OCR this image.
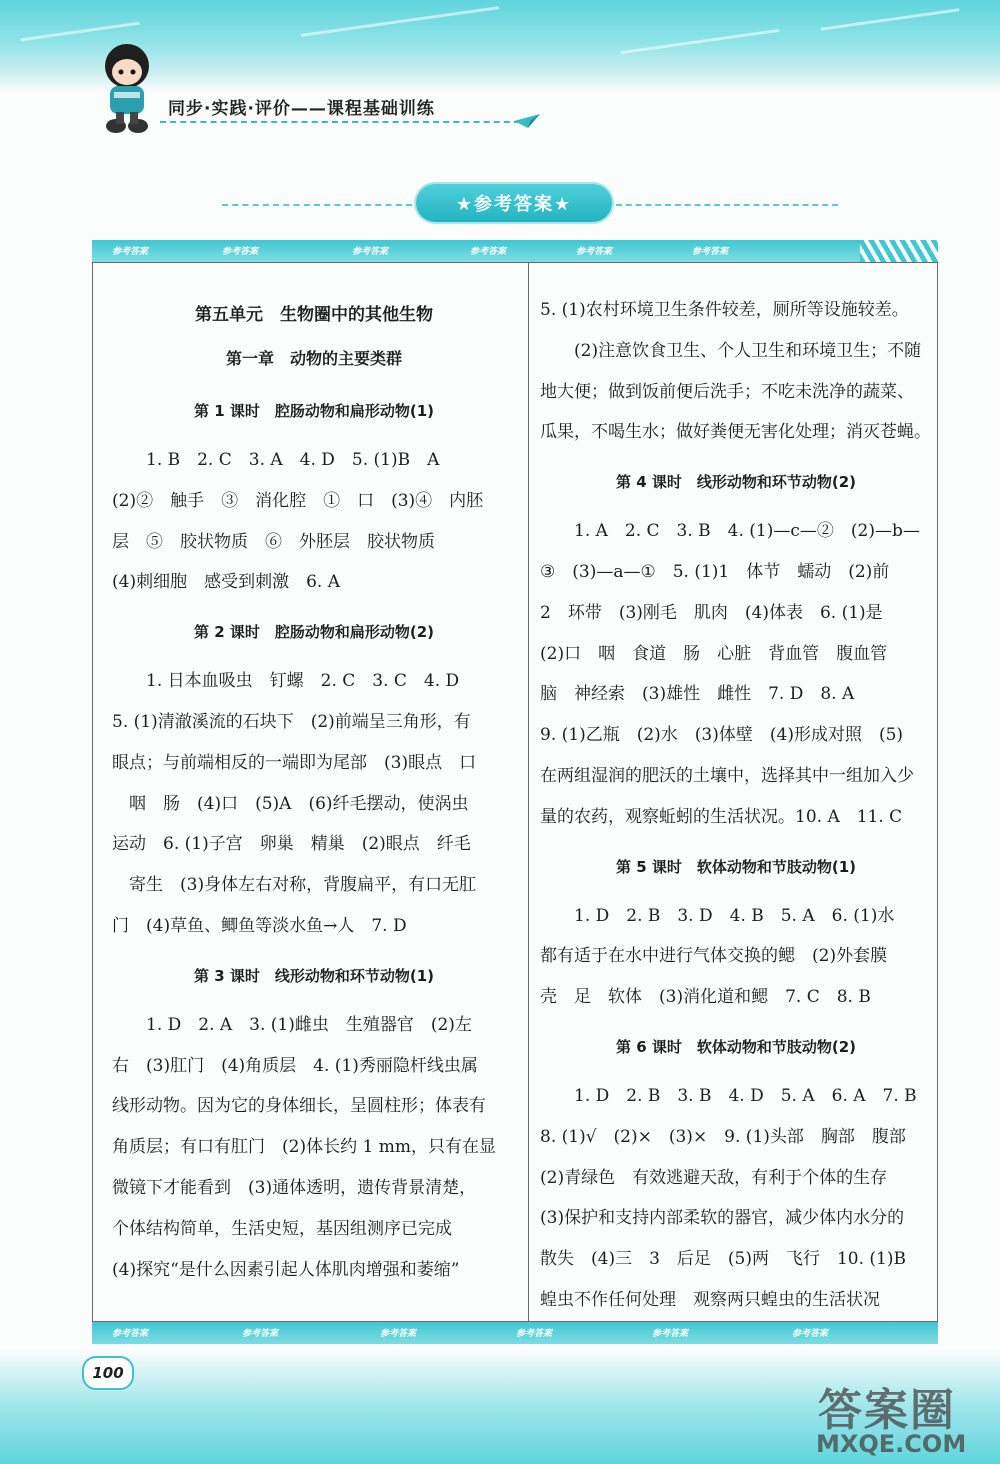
同步·实践·评价——课程基础训练
★参考答案★
参考答案	参考答案	参考答案	参考答案	参考答案	参考答案

第五单元　生物圈中的其他生物

第一章　动物的主要类群

第 1 课时　腔肠动物和扁形动物(1)

1. B　2. C　3. A　4. D　5. (1)B　A

(2)②　触手　③　消化腔　①　口　(3)④　内胚

层　⑤　胶状物质　⑥　外胚层　胶状物质

(4)刺细胞　感受到刺激　6. A

第 2 课时　腔肠动物和扁形动物(2)

1. 日本血吸虫　钉螺　2. C　3. C　4. D

5. (1)清澈溪流的石块下　(2)前端呈三角形，有

眼点；与前端相反的一端即为尾部　(3)眼点　口

　咽　肠　(4)口　(5)A　(6)纤毛摆动，使涡虫

运动　6. (1)子宫　卵巢　精巢　(2)眼点　纤毛

　寄生　(3)身体左右对称，背腹扁平，有口无肛

门　(4)草鱼、鲫鱼等淡水鱼→人　7. D

第 3 课时　线形动物和环节动物(1)

1. D　2. A　3. (1)雌虫　生殖器官　(2)左

右　(3)肛门　(4)角质层　4. (1)秀丽隐杆线虫属

线形动物。因为它的身体细长，呈圆柱形；体表有

角质层；有口有肛门　(2)体长约 1 mm，只有在显

微镜下才能看到　(3)通体透明，遗传背景清楚，

个体结构简单，生活史短，基因组测序已完成

(4)探究“是什么因素引起人体肌肉增强和萎缩”

5. (1)农村环境卫生条件较差，厕所等设施较差。

(2)注意饮食卫生、个人卫生和环境卫生；不随

地大便；做到饭前便后洗手；不吃未洗净的蔬菜、

瓜果，不喝生水；做好粪便无害化处理；消灭苍蝇。

第 4 课时　线形动物和环节动物(2)

1. A　2. C　3. B　4. (1)—c—②　(2)—b—

③　(3)—a—①　5. (1)1　体节　蠕动　(2)前

2　环带　(3)刚毛　肌肉　(4)体表　6. (1)是

(2)口　咽　食道　肠　心脏　背血管　腹血管

脑　神经索　(3)雄性　雌性　7. D　8. A

9. (1)乙瓶　(2)水　(3)体壁　(4)形成对照　(5)

在两组湿润的肥沃的土壤中，选择其中一组加入少

量的农药，观察蚯蚓的生活状况。10. A　11. C

第 5 课时　软体动物和节肢动物(1)

1. D　2. B　3. D　4. B　5. A　6. (1)水

都有适于在水中进行气体交换的鳃　(2)外套膜

壳　足　软体　(3)消化道和鳃　7. C　8. B

第 6 课时　软体动物和节肢动物(2)

1. D　2. B　3. B　4. D　5. A　6. A　7. B

8. (1)√　(2)×　(3)×　9. (1)头部　胸部　腹部

(2)青绿色　有效逃避天敌，有利于个体的生存

(3)保护和支持内部柔软的器官，减少体内水分的

散失　(4)三　3　后足　(5)两　飞行　10. (1)B

蝗虫不作任何处理　观察两只蝗虫的生活状况

参考答案	参考答案	参考答案	参考答案	参考答案	参考答案
100
答案圈
MXQE.COM
